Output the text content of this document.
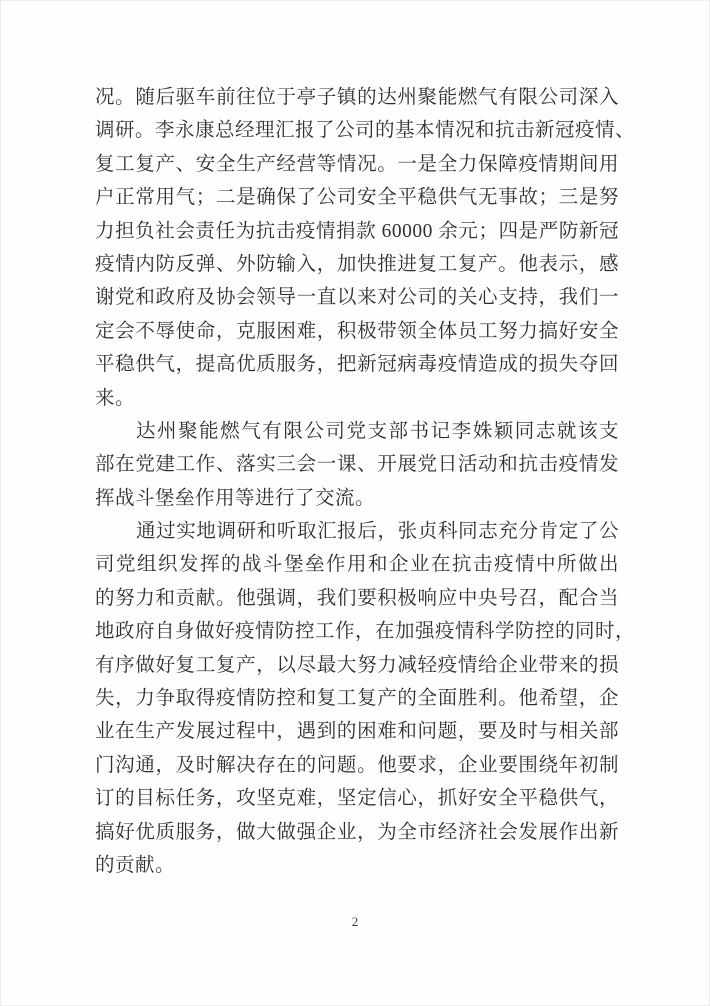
况。随后驱车前往位于亭子镇的达州聚能燃气有限公司深入
调研。李永康总经理汇报了公司的基本情况和抗击新冠疫情、
复工复产、安全生产经营等情况。一是全力保障疫情期间用
户正常用气；二是确保了公司安全平稳供气无事故；三是努
力担负社会责任为抗击疫情捐款 60000 余元；四是严防新冠
疫情内防反弹、外防输入，加快推进复工复产。他表示，感
谢党和政府及协会领导一直以来对公司的关心支持，我们一
定会不辱使命，克服困难，积极带领全体员工努力搞好安全
平稳供气，提高优质服务，把新冠病毒疫情造成的损失夺回
来。
达州聚能燃气有限公司党支部书记李姝颖同志就该支
部在党建工作、落实三会一课、开展党日活动和抗击疫情发
挥战斗堡垒作用等进行了交流。
通过实地调研和听取汇报后，张贞科同志充分肯定了公
司党组织发挥的战斗堡垒作用和企业在抗击疫情中所做出
的努力和贡献。他强调，我们要积极响应中央号召，配合当
地政府自身做好疫情防控工作，在加强疫情科学防控的同时，
有序做好复工复产，以尽最大努力减轻疫情给企业带来的损
失，力争取得疫情防控和复工复产的全面胜利。他希望，企
业在生产发展过程中，遇到的困难和问题，要及时与相关部
门沟通，及时解决存在的问题。他要求，企业要围绕年初制
订的目标任务，攻坚克难，坚定信心，抓好安全平稳供气，
搞好优质服务，做大做强企业，为全市经济社会发展作出新
的贡献。
2
